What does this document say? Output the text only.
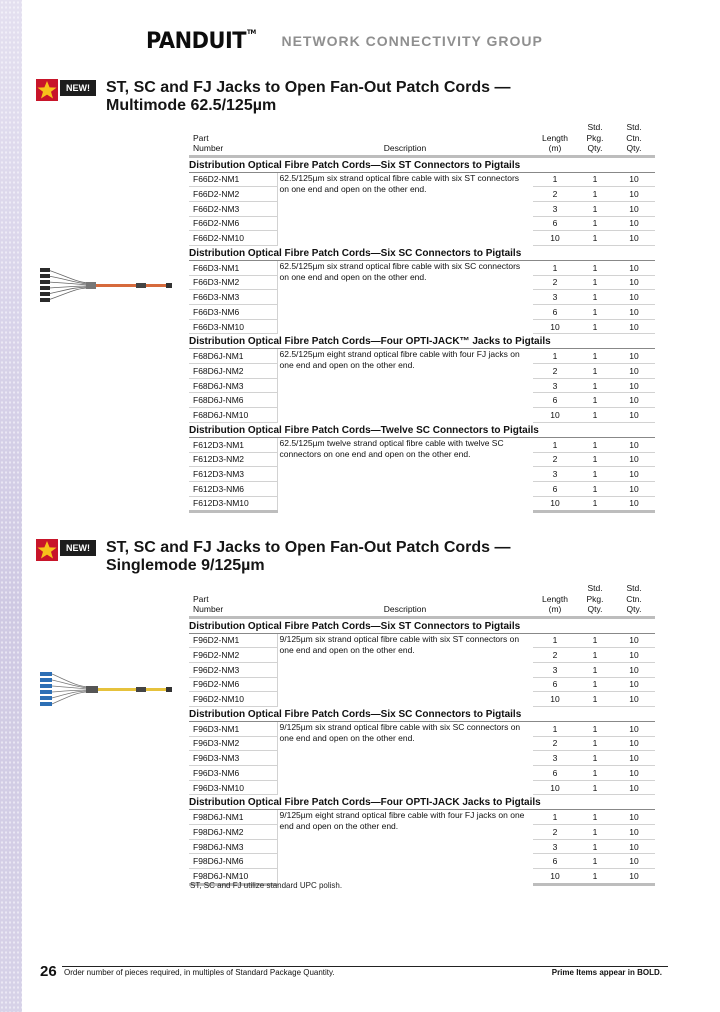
PANDUIT™
NETWORK CONNECTIVITY GROUP
NEW!	ST, SC and FJ Jacks to Open Fan-Out Patch Cords —
Multimode 62.5/125µm
Part
Number	Description	Length
(m)	Std.
Pkg.
Qty.	Std.
Ctn.
Qty.
Distribution Optical Fibre Patch Cords—Six ST Connectors to Pigtails				
F66D2-NM1	62.5/125µm six strand optical fibre cable with six ST connectors on one end and open on the other end.	1	1	10
F66D2-NM2		2	1	10
F66D2-NM3		3	1	10
F66D2-NM6		6	1	10
F66D2-NM10		10	1	10
Distribution Optical Fibre Patch Cords—Six SC Connectors to Pigtails				
F66D3-NM1	62.5/125µm six strand optical fibre cable with six SC connectors on one end and open on the other end.	1	1	10
F66D3-NM2		2	1	10
F66D3-NM3		3	1	10
F66D3-NM6		6	1	10
F66D3-NM10		10	1	10
Distribution Optical Fibre Patch Cords—Four OPTI-JACK™ Jacks to Pigtails				
F68D6J-NM1	62.5/125µm eight strand optical fibre cable with four FJ jacks on one end and open on the other end.	1	1	10
F68D6J-NM2		2	1	10
F68D6J-NM3		3	1	10
F68D6J-NM6		6	1	10
F68D6J-NM10		10	1	10
Distribution Optical Fibre Patch Cords—Twelve SC Connectors to Pigtails				
F612D3-NM1	62.5/125µm twelve strand optical fibre cable with twelve SC connectors on one end and open on the other end.	1	1	10
F612D3-NM2		2	1	10
F612D3-NM3		3	1	10
F612D3-NM6		6	1	10
F612D3-NM10		10	1	10
NEW!	ST, SC and FJ Jacks to Open Fan-Out Patch Cords —
Singlemode 9/125µm
Part
Number	Description	Length
(m)	Std.
Pkg.
Qty.	Std.
Ctn.
Qty.
Distribution Optical Fibre Patch Cords—Six ST Connectors to Pigtails				
F96D2-NM1	9/125µm six strand optical fibre cable with six ST connectors on one end and open on the other end.	1	1	10
F96D2-NM2		2	1	10
F96D2-NM3		3	1	10
F96D2-NM6		6	1	10
F96D2-NM10		10	1	10
Distribution Optical Fibre Patch Cords—Six SC Connectors to Pigtails				
F96D3-NM1	9/125µm six strand optical fibre cable with six SC connectors on one end and open on the other end.	1	1	10
F96D3-NM2		2	1	10
F96D3-NM3		3	1	10
F96D3-NM6		6	1	10
F96D3-NM10		10	1	10
Distribution Optical Fibre Patch Cords—Four OPTI-JACK Jacks to Pigtails				
F98D6J-NM1	9/125µm eight strand optical fibre cable with four FJ jacks on one end and open on the other end.	1	1	10
F98D6J-NM2		2	1	10
F98D6J-NM3		3	1	10
F98D6J-NM6		6	1	10
F98D6J-NM10		10	1	10
ST, SC and FJ utilize standard UPC polish.
26 Order number of pieces required, in multiples of Standard Package Quantity.	Prime Items appear in BOLD.
